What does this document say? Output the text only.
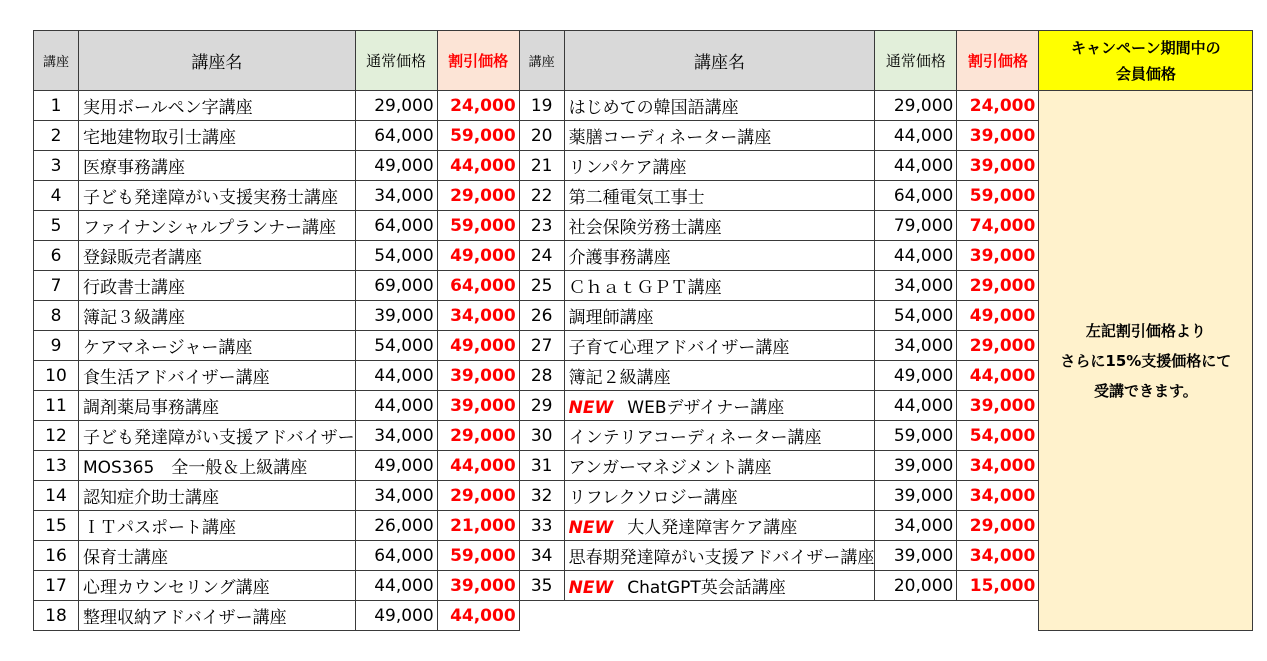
講座	講座名	通常価格	割引価格	講座	講座名	通常価格	割引価格	キャンペーン期間中の
会員価格
1	実用ボールペン字講座	29,000	24,000	19	はじめての韓国語講座	29,000	24,000	左記割引価格より
さらに15%支援価格にて
受講できます。
2	宅地建物取引士講座	64,000	59,000	20	薬膳コーディネーター講座	44,000	39,000	
3	医療事務講座	49,000	44,000	21	リンパケア講座	44,000	39,000	
4	子ども発達障がい支援実務士講座	34,000	29,000	22	第二種電気工事士	64,000	59,000	
5	ファイナンシャルプランナー講座	64,000	59,000	23	社会保険労務士講座	79,000	74,000	
6	登録販売者講座	54,000	49,000	24	介護事務講座	44,000	39,000	
7	行政書士講座	69,000	64,000	25	ＣｈａｔＧＰＴ講座	34,000	29,000	
8	簿記３級講座	39,000	34,000	26	調理師講座	54,000	49,000	
9	ケアマネージャー講座	54,000	49,000	27	子育て心理アドバイザー講座	34,000	29,000	
10	食生活アドバイザー講座	44,000	39,000	28	簿記２級講座	49,000	44,000	
11	調剤薬局事務講座	44,000	39,000	29	NEW WEBデザイナー講座	44,000	39,000	
12	子ども発達障がい支援アドバイザー	34,000	29,000	30	インテリアコーディネーター講座	59,000	54,000	
13	MOS365　全一般＆上級講座	49,000	44,000	31	アンガーマネジメント講座	39,000	34,000	
14	認知症介助士講座	34,000	29,000	32	リフレクソロジー講座	39,000	34,000	
15	ＩＴパスポート講座	26,000	21,000	33	NEW 大人発達障害ケア講座	34,000	29,000	
16	保育士講座	64,000	59,000	34	思春期発達障がい支援アドバイザー講座	39,000	34,000	
17	心理カウンセリング講座	44,000	39,000	35	NEW ChatGPT英会話講座	20,000	15,000	
18	整理収納アドバイザー講座	49,000	44,000					
